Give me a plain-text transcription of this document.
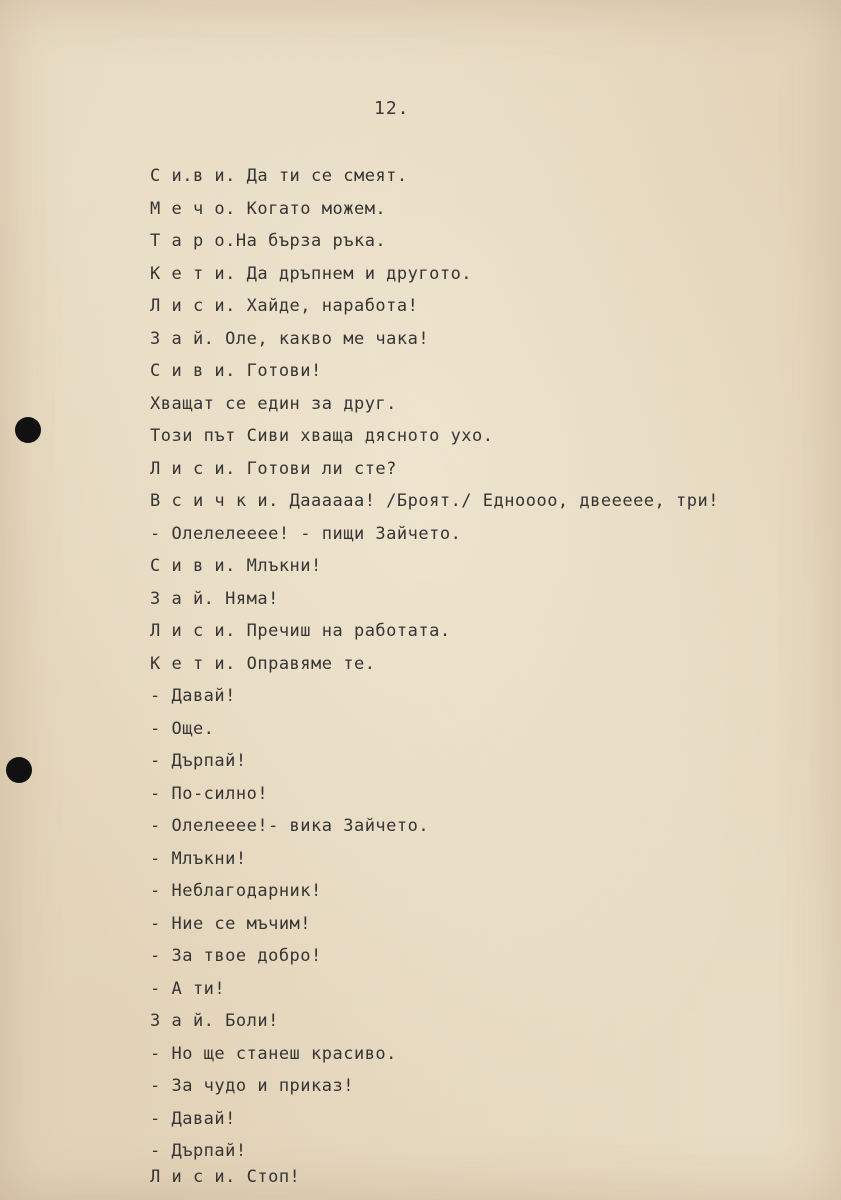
12.
С и.в и. Да ти се смеят.
М е ч о. Когато можем.
Т а р о.На бърза ръка.
К е т и. Да дръпнем и другото.
Л и с и. Хайде, наработа!
З а й. Оле, какво ме чака!
С и в и. Готови!
Хващат се един за друг.
Този път Сиви хваща дясното ухо.
Л и с и. Готови ли сте?
В с и ч к и. Даааааа! /Броят./ Едноооо, двеееее, три!
- Олелелееее! - пищи Зайчето.
С и в и. Млъкни!
З а й. Няма!
Л и с и. Пречиш на работата.
К е т и. Оправяме те.
- Давай!
- Още.
- Дърпай!
- По-силно!
- Олелееее!- вика Зайчето.
- Млъкни!
- Неблагодарник!
- Ние се мъчим!
- За твое добро!
- А ти!
З а й. Боли!
- Но ще станеш красиво.
- За чудо и приказ!
- Давай!
- Дърпай!
Л и с и. Стоп!
